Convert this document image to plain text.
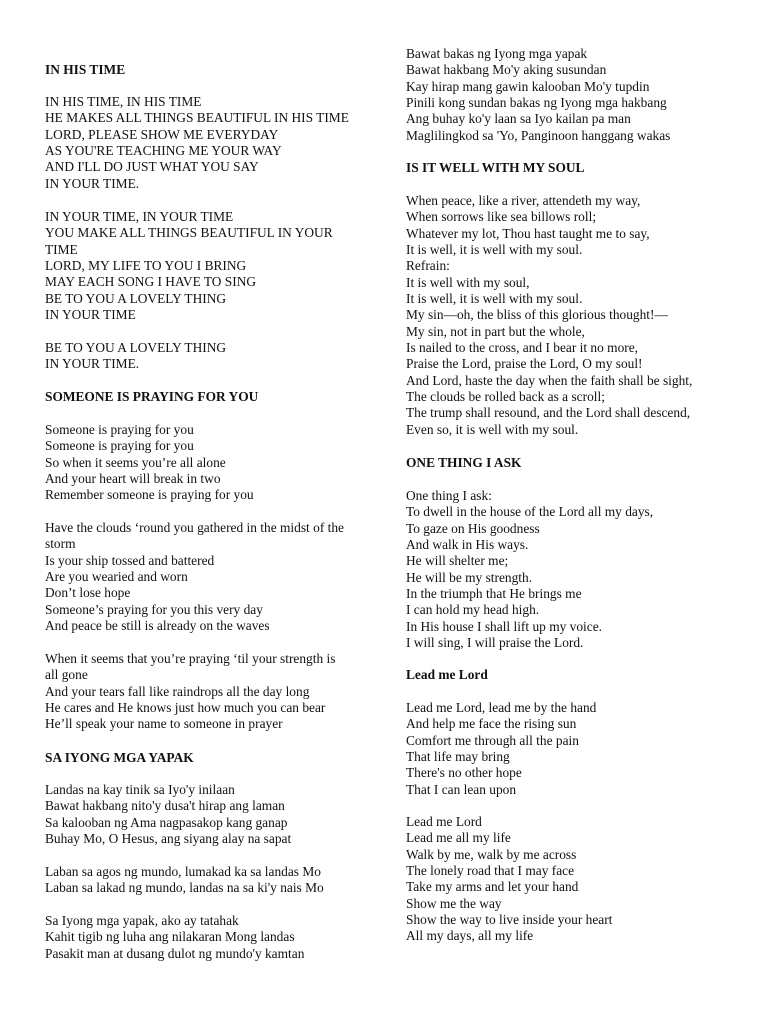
IN HIS TIME
IN HIS TIME, IN HIS TIME
HE MAKES ALL THINGS BEAUTIFUL IN HIS TIME
LORD, PLEASE SHOW ME EVERYDAY
AS YOU'RE TEACHING ME YOUR WAY
AND I'LL DO JUST WHAT YOU SAY
IN YOUR TIME.
IN YOUR TIME, IN YOUR TIME
YOU MAKE ALL THINGS BEAUTIFUL IN YOUR
TIME
LORD, MY LIFE TO YOU I BRING
MAY EACH SONG I HAVE TO SING
BE TO YOU A LOVELY THING
IN YOUR TIME
BE TO YOU A LOVELY THING
IN YOUR TIME.
SOMEONE IS PRAYING FOR YOU
Someone is praying for you
Someone is praying for you
So when it seems you’re all alone
And your heart will break in two
Remember someone is praying for you
Have the clouds ‘round you gathered in the midst of the
storm
Is your ship tossed and battered
Are you wearied and worn
Don’t lose hope
Someone’s praying for you this very day
And peace be still is already on the waves
When it seems that you’re praying ‘til your strength is
all gone
And your tears fall like raindrops all the day long
He cares and He knows just how much you can bear
He’ll speak your name to someone in prayer
SA IYONG MGA YAPAK
Landas na kay tinik sa Iyo'y inilaan
Bawat hakbang nito'y dusa't hirap ang laman
Sa kalooban ng Ama nagpasakop kang ganap
Buhay Mo, O Hesus, ang siyang alay na sapat
Laban sa agos ng mundo, lumakad ka sa landas Mo
Laban sa lakad ng mundo, landas na sa ki'y nais Mo
Sa Iyong mga yapak, ako ay tatahak
Kahit tigib ng luha ang nilakaran Mong landas
Pasakit man at dusang dulot ng mundo'y kamtan
Bawat bakas ng Iyong mga yapak
Bawat hakbang Mo'y aking susundan
Kay hirap mang gawin kalooban Mo'y tupdin
Pinili kong sundan bakas ng Iyong mga hakbang
Ang buhay ko'y laan sa Iyo kailan pa man
Maglilingkod sa 'Yo, Panginoon hanggang wakas
IS IT WELL WITH MY SOUL
When peace, like a river, attendeth my way,
When sorrows like sea billows roll;
Whatever my lot, Thou hast taught me to say,
It is well, it is well with my soul.
Refrain:
It is well with my soul,
It is well, it is well with my soul.
My sin—oh, the bliss of this glorious thought!—
My sin, not in part but the whole,
Is nailed to the cross, and I bear it no more,
Praise the Lord, praise the Lord, O my soul!
And Lord, haste the day when the faith shall be sight,
The clouds be rolled back as a scroll;
The trump shall resound, and the Lord shall descend,
Even so, it is well with my soul.
ONE THING I ASK
One thing I ask:
To dwell in the house of the Lord all my days,
To gaze on His goodness
And walk in His ways.
He will shelter me;
He will be my strength.
In the triumph that He brings me
I can hold my head high.
In His house I shall lift up my voice.
I will sing, I will praise the Lord.
Lead me Lord
Lead me Lord, lead me by the hand
And help me face the rising sun
Comfort me through all the pain
That life may bring
There's no other hope
That I can lean upon
Lead me Lord
Lead me all my life
Walk by me, walk by me across
The lonely road that I may face
Take my arms and let your hand
Show me the way
Show the way to live inside your heart
All my days, all my life
